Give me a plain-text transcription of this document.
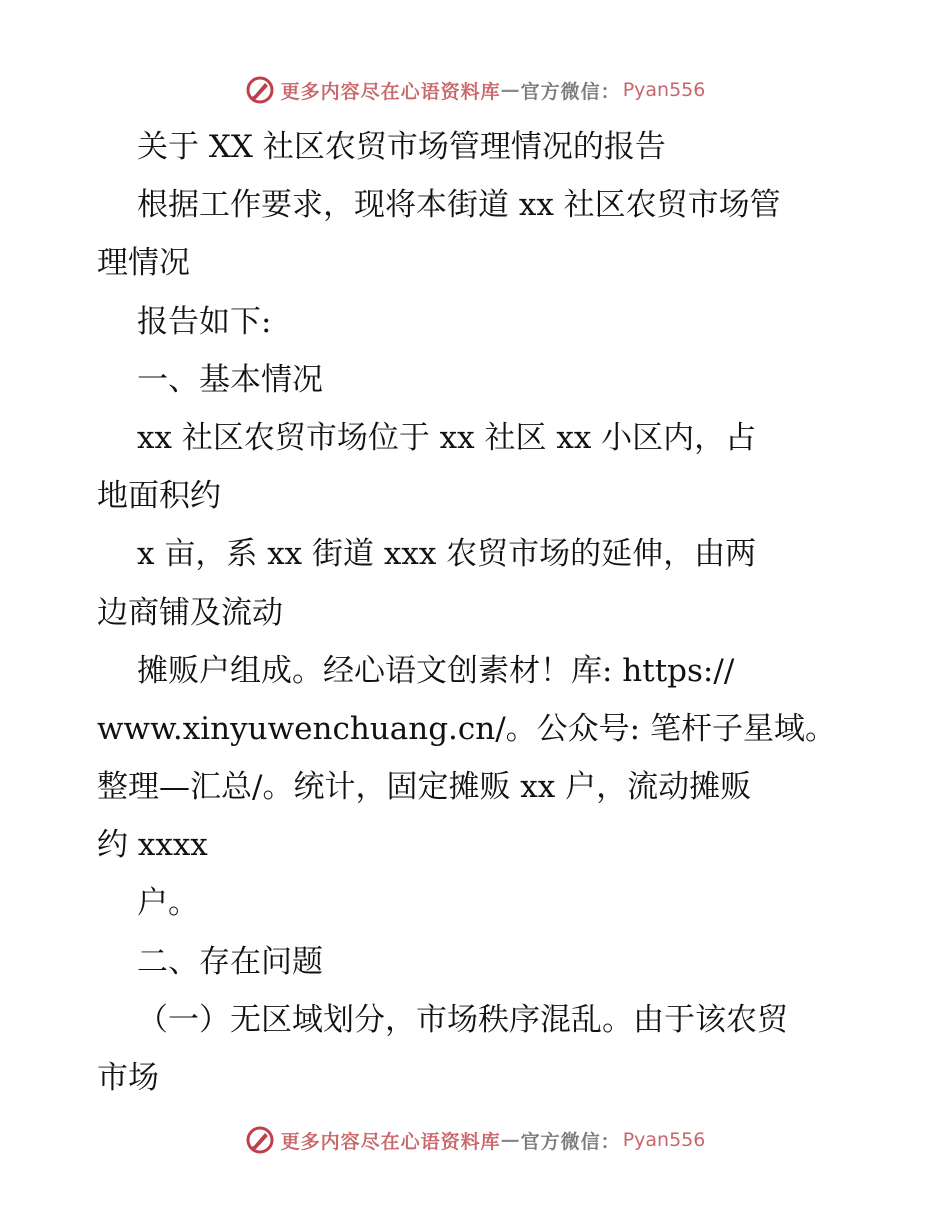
更多内容尽在心语资料库 — 官方微信： Pyan556
关于 XX 社区农贸市场管理情况的报告
根据工作要求，现将本街道 xx 社区农贸市场管
理情况
报告如下:
一、基本情况
xx 社区农贸市场位于 xx 社区 xx 小区内，占
地面积约
x 亩，系 xx 街道 xxx 农贸市场的延伸，由两
边商铺及流动
摊贩户组成。经心语文创素材！库: https://
www.xinyuwenchuang.cn/。公众号: 笔杆子星域。
整理—汇总/。统计，固定摊贩 xx 户，流动摊贩
约 xxxx
户。
二、存在问题
（一）无区域划分，市场秩序混乱。由于该农贸
市场
更多内容尽在心语资料库 — 官方微信： Pyan556
